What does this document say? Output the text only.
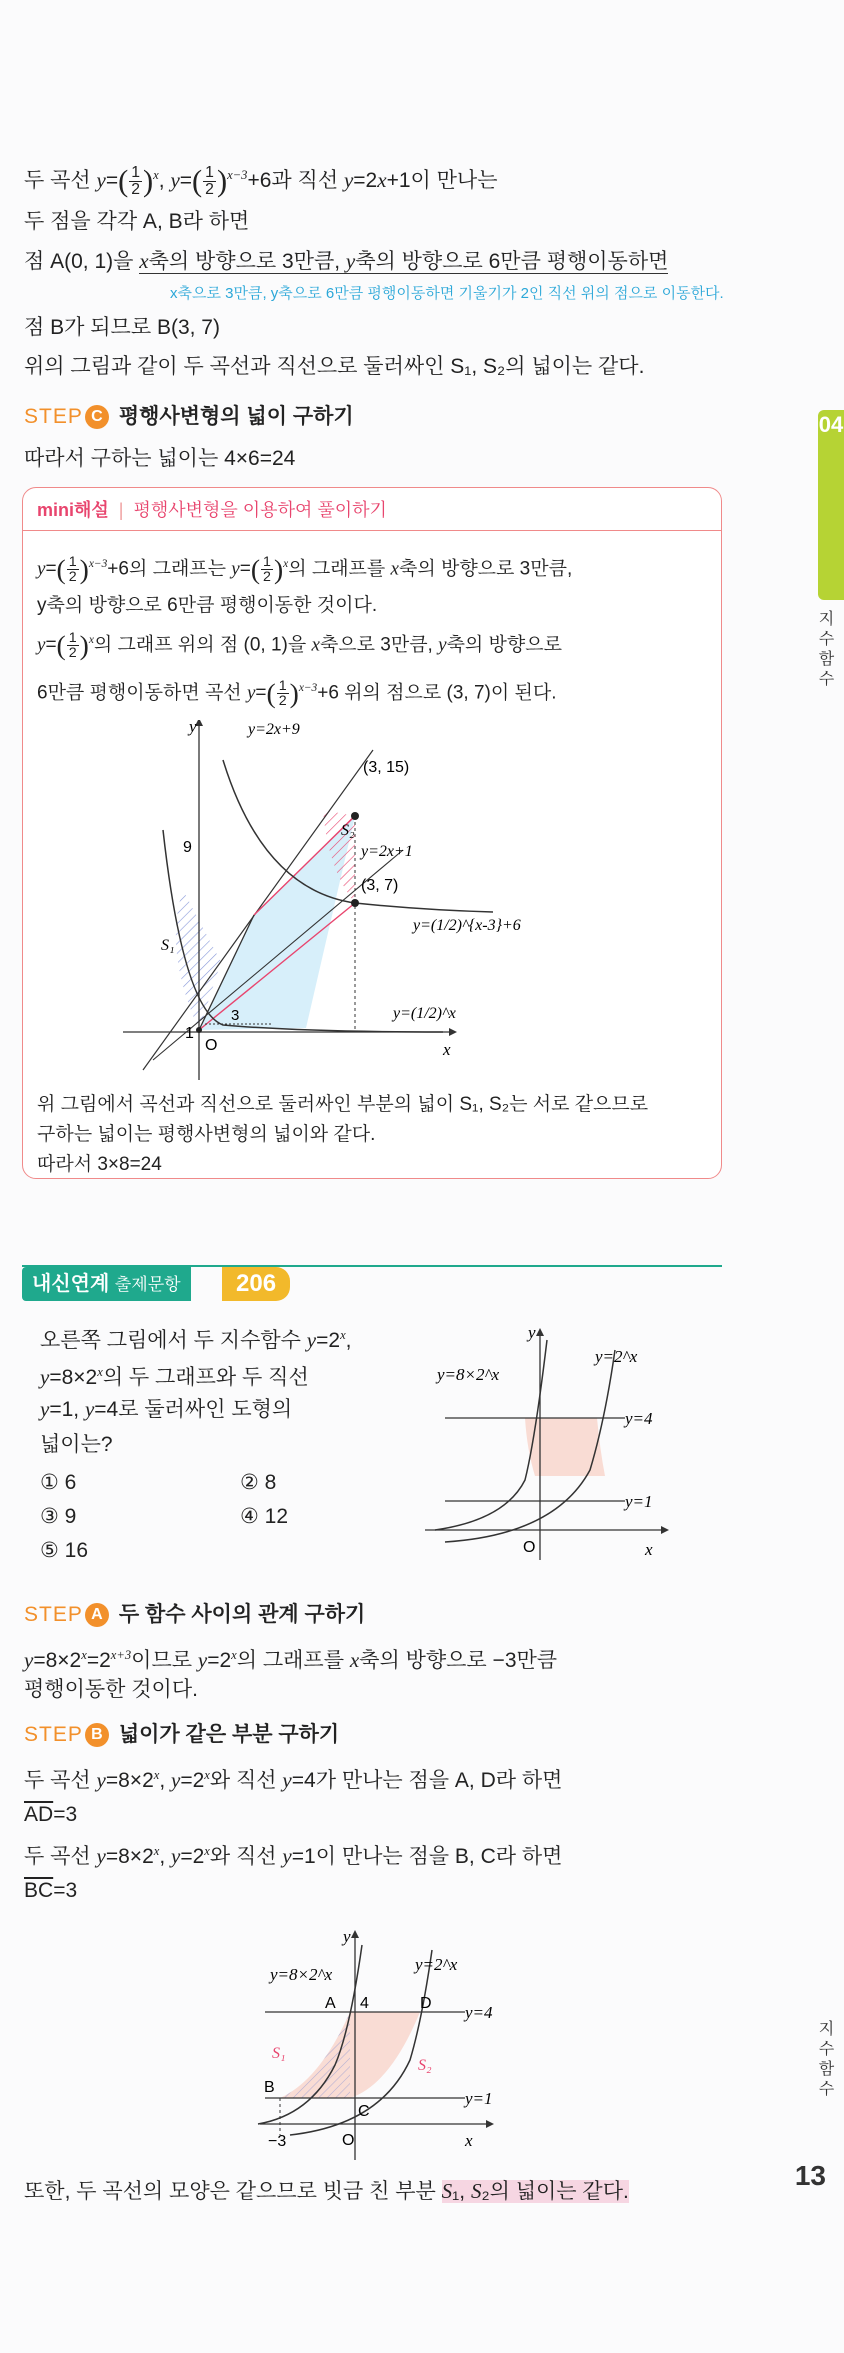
두 곡선 $y=( \frac{1}{2} )^x$, $y=( \frac{1}{2} )^{x-3}+6$과 직선 y=2x+1이 만나는
두 점을 각각 A, B라 하면
점 A(0, 1)을 x축의 방향으로 3만큼, y축의 방향으로 6만큼 평행이동하면
x축으로 3만큼, y축으로 6만큼 평행이동하면 기울기가 2인 직선 위의 점으로 이동한다.
점 B가 되므로 B(3, 7)
위의 그림과 같이 두 곡선과 직선으로 둘러싸인 S₁, S₂의 넓이는 같다.
STEP C 평행사변형의 넓이 구하기
따라서 구하는 넓이는 4×6=24
mini해설 | 평행사변형을 이용하여 풀이하기
$y=( \frac{1}{2} )^{x-3}+6$의 그래프는 $y=( \frac{1}{2} )^x$의 그래프를 x축의 방향으로 3만큼,
y축의 방향으로 6만큼 평행이동한 것이다.
$y=( \frac{1}{2} )^x$의 그래프 위의 점 (0, 1)을 x축으로 3만큼, y축의 방향으로
6만큼 평행이동하면 곡선 $y=( \frac{1}{2} )^{x-3}+6$ 위의 점으로 (3, 7)이 된다.
y
x
O
y=2x+9
(3, 15)
(3, 7)
y=2x+1
y=(1/2)^{x-3}+6
y=(1/2)^x
9
1
3
S₁
S₂
위 그림에서 곡선과 직선으로 둘러싸인 부분의 넓이 S₁, S₂는 서로 같으므로
구하는 넓이는 평행사변형의 넓이와 같다.
따라서 3×8=24
내신연계 출제문항	206
오른쪽 그림에서 두 지수함수 $y=2^x$,
$y=8\times 2^x$의 두 그래프와 두 직선
y=1, y=4로 둘러싸인 도형의
넓이는?
① 6	② 8
③ 9	④ 12
⑤ 16
y
x
O
y=8×2^x
y=2^x
y=4
y=1
STEP A 두 함수 사이의 관계 구하기
$y=8\times 2^x=2^{x+3}$이므로 $y=2^x$의 그래프를 x축의 방향으로 −3만큼
평행이동한 것이다.
STEP B 넓이가 같은 부분 구하기
두 곡선 $y=8\times 2^x$, $y=2^x$와 직선 y=4가 만나는 점을 A, D라 하면
$\overline{AD}=3$
두 곡선 $y=8\times 2^x$, $y=2^x$와 직선 y=1이 만나는 점을 B, C라 하면
$\overline{BC}=3$
y
x
O
y=8×2^x
y=2^x
y=4
y=1
A
B
C
D
4
−3
S₁
S₂
또한, 두 곡선의 모양은 같으므로 빗금 친 부분 S₁, S₂의 넓이는 같다.
04
지수함수
지수함수
13
